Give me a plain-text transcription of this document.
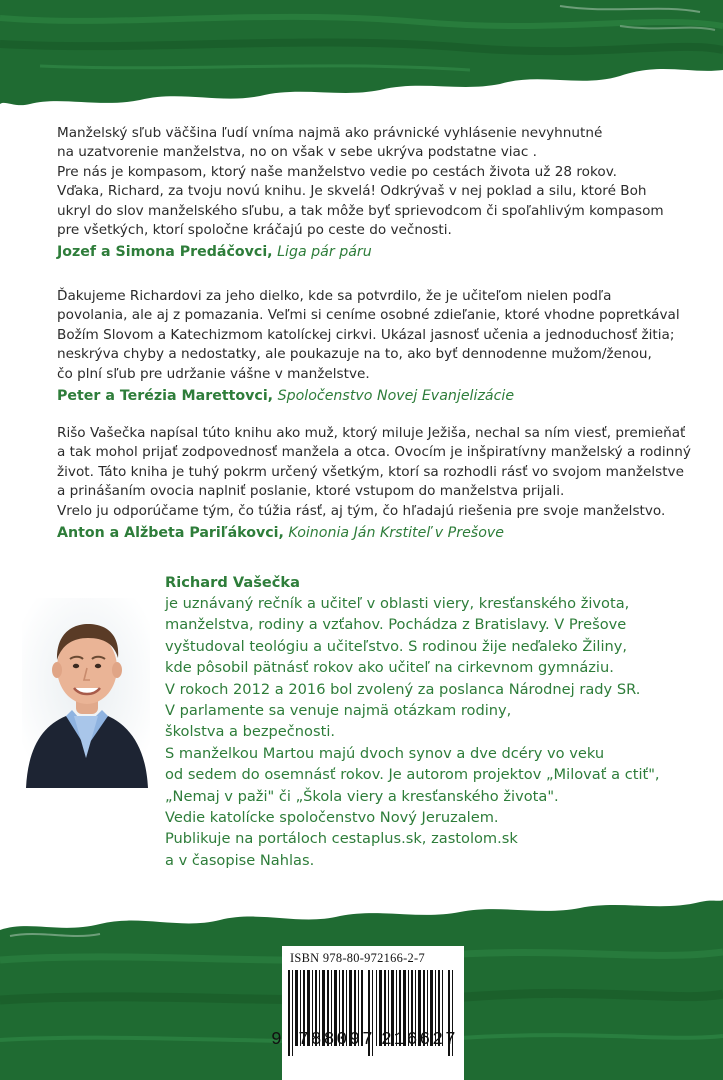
Manželský sľub väčšina ľudí vníma najmä ako právnické vyhlásenie nevyhnutné
na uzatvorenie manželstva, no on však v sebe ukrýva podstatne viac .
Pre nás je kompasom, ktorý naše manželstvo vedie po cestách života už 28 rokov.
Vďaka, Richard, za tvoju novú knihu. Je skvelá! Odkrývaš v nej poklad a silu, ktoré Boh
ukryl do slov manželského sľubu, a tak môže byť sprievodcom či spoľahlivým kompasom
pre všetkých, ktorí spoločne kráčajú po ceste do večnosti.

Jozef a Simona Predáčovci, Liga pár páru

Ďakujeme Richardovi za jeho dielko, kde sa potvrdilo, že je učiteľom nielen podľa
povolania, ale aj z pomazania. Veľmi si ceníme osobné zdieľanie, ktoré vhodne popretkával
Božím Slovom a Katechizmom katolíckej cirkvi. Ukázal jasnosť učenia a jednoduchosť žitia;
neskrýva chyby a nedostatky, ale poukazuje na to, ako byť dennodenne mužom/ženou,
čo plní sľub pre udržanie vášne v manželstve.

Peter a Terézia Marettovci, Spoločenstvo Novej Evanjelizácie

Rišo Vašečka napísal túto knihu ako muž, ktorý miluje Ježiša, nechal sa ním viesť, premieňať
a tak mohol prijať zodpovednosť manžela a otca. Ovocím je inšpiratívny manželský a rodinný
život. Táto kniha je tuhý pokrm určený všetkým, ktorí sa rozhodli rásť vo svojom manželstve
a prinášaním ovocia naplniť poslanie, ktoré vstupom do manželstva prijali.
Vrelo ju odporúčame tým, čo túžia rásť, aj tým, čo hľadajú riešenia pre svoje manželstvo.

Anton a Alžbeta Pariľákovci, Koinonia Ján Krstiteľ v Prešove
Richard Vašečka

je uznávaný rečník a učiteľ v oblasti viery, kresťanského života,
manželstva, rodiny a vzťahov. Pochádza z Bratislavy. V Prešove
vyštudoval teológiu a učiteľstvo. S rodinou žije neďaleko Žiliny,
kde pôsobil pätnásť rokov ako učiteľ na cirkevnom gymnáziu.
V rokoch 2012 a 2016 bol zvolený za poslanca Národnej rady SR.
V parlamente sa venuje najmä otázkam rodiny,
školstva a bezpečnosti.
S manželkou Martou majú dvoch synov a dve dcéry vo veku
od sedem do osemnásť rokov. Je autorom projektov „Milovať a ctiť",
„Nemaj v paži" či „Škola viery a kresťanského života".
Vedie katolícke spoločenstvo Nový Jeruzalem.
Publikuje na portáloch cestaplus.sk, zastolom.sk
a v časopise Nahlas.

ISBN 978-80-972166-2-7
9 788097 216627
